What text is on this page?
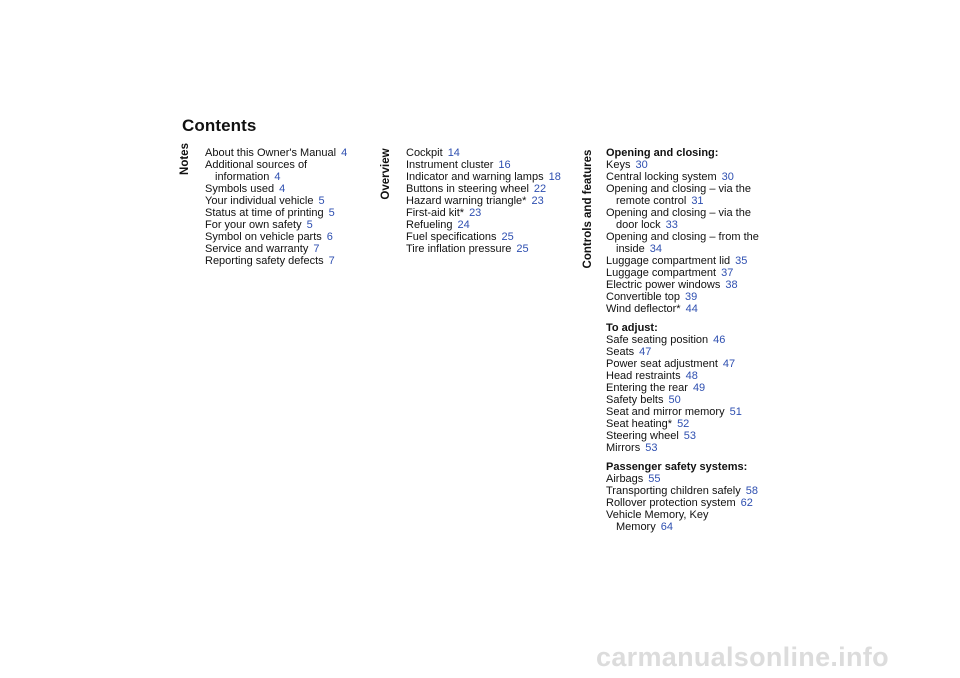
Contents
Notes	Overview	Controls and features
About this Owner's Manual 4
Additional sources of
information 4
Symbols used 4
Your individual vehicle 5
Status at time of printing 5
For your own safety 5
Symbol on vehicle parts 6
Service and warranty 7
Reporting safety defects 7
Cockpit 14
Instrument cluster 16
Indicator and warning lamps 18
Buttons in steering wheel 22
Hazard warning triangle* 23
First-aid kit* 23
Refueling 24
Fuel specifications 25
Tire inflation pressure 25
Opening and closing:
Keys 30
Central locking system 30
Opening and closing – via the
remote control 31
Opening and closing – via the
door lock 33
Opening and closing – from the
inside 34
Luggage compartment lid 35
Luggage compartment 37
Electric power windows 38
Convertible top 39
Wind deflector* 44
To adjust:
Safe seating position 46
Seats 47
Power seat adjustment 47
Head restraints 48
Entering the rear 49
Safety belts 50
Seat and mirror memory 51
Seat heating* 52
Steering wheel 53
Mirrors 53
Passenger safety systems:
Airbags 55
Transporting children safely 58
Rollover protection system 62
Vehicle Memory, Key
Memory 64
carmanualsonline.info
